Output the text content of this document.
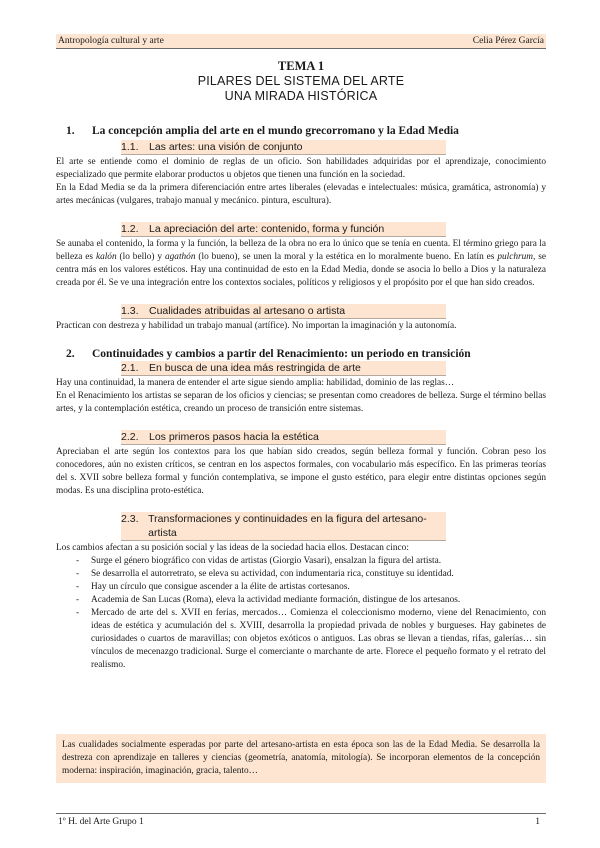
Antropología cultural y arte	Celia Pérez García
TEMA 1
PILARES DEL SISTEMA DEL ARTE
UNA MIRADA HISTÓRICA
1.	La concepción amplia del arte en el mundo grecorromano y la Edad Media
1.1. Las artes: una visión de conjunto

El arte se entiende como el dominio de reglas de un oficio. Son habilidades adquiridas por el aprendizaje, conocimiento especializado que permite elaborar productos u objetos que tienen una función en la sociedad.

En la Edad Media se da la primera diferenciación entre artes liberales (elevadas e intelectuales: música, gramática, astronomía) y artes mecánicas (vulgares, trabajo manual y mecánico. pintura, escultura).

1.2. La apreciación del arte: contenido, forma y función

Se aunaba el contenido, la forma y la función, la belleza de la obra no era lo único que se tenía en cuenta. El término griego para la belleza es kalón (lo bello) y agathón (lo bueno), se unen la moral y la estética en lo moralmente bueno. En latín es pulchrum, se centra más en los valores estéticos. Hay una continuidad de esto en la Edad Media, donde se asocia lo bello a Dios y la naturaleza creada por él. Se ve una integración entre los contextos sociales, políticos y religiosos y el propósito por el que han sido creados.

1.3. Cualidades atribuidas al artesano o artista

Practican con destreza y habilidad un trabajo manual (artífice). No importan la imaginación y la autonomía.

2.	Continuidades y cambios a partir del Renacimiento: un periodo en transición
2.1. En busca de una idea más restringida de arte

Hay una continuidad, la manera de entender el arte sigue siendo amplia: habilidad, dominio de las reglas…

En el Renacimiento los artistas se separan de los oficios y ciencias; se presentan como creadores de belleza. Surge el término bellas artes, y la contemplación estética, creando un proceso de transición entre sistemas.

2.2. Los primeros pasos hacia la estética

Apreciaban el arte según los contextos para los que habían sido creados, según belleza formal y función. Cobran peso los conocedores, aún no existen críticos, se centran en los aspectos formales, con vocabulario más específico. En las primeras teorías del s. XVII sobre belleza formal y función contemplativa, se impone el gusto estético, para elegir entre distintas opciones según modas. Es una disciplina proto-estética.

2.3. Transformaciones y continuidades en la figura del artesano-artista

Los cambios afectan a su posición social y las ideas de la sociedad hacia ellos. Destacan cinco:

- Surge el género biográfico con vidas de artistas (Giorgio Vasari), ensalzan la figura del artista.
- Se desarrolla el autorretrato, se eleva su actividad, con indumentaria rica, constituye su identidad.
- Hay un círculo que consigue ascender a la élite de artistas cortesanos.
- Academia de San Lucas (Roma), eleva la actividad mediante formación, distingue de los artesanos.
- Mercado de arte del s. XVII en ferias, mercados… Comienza el coleccionismo moderno, viene del Renacimiento, con ideas de estética y acumulación del s. XVIII, desarrolla la propiedad privada de nobles y burgueses. Hay gabinetes de curiosidades o cuartos de maravillas; con objetos exóticos o antiguos. Las obras se llevan a tiendas, rifas, galerías… sin vínculos de mecenazgo tradicional. Surge el comerciante o marchante de arte. Florece el pequeño formato y el retrato del realismo.
Las cualidades socialmente esperadas por parte del artesano-artista en esta época son las de la Edad Media. Se desarrolla la destreza con aprendizaje en talleres y ciencias (geometría, anatomía, mitología). Se incorporan elementos de la concepción moderna: inspiración, imaginación, gracia, talento…
1º H. del Arte Grupo 1	1
